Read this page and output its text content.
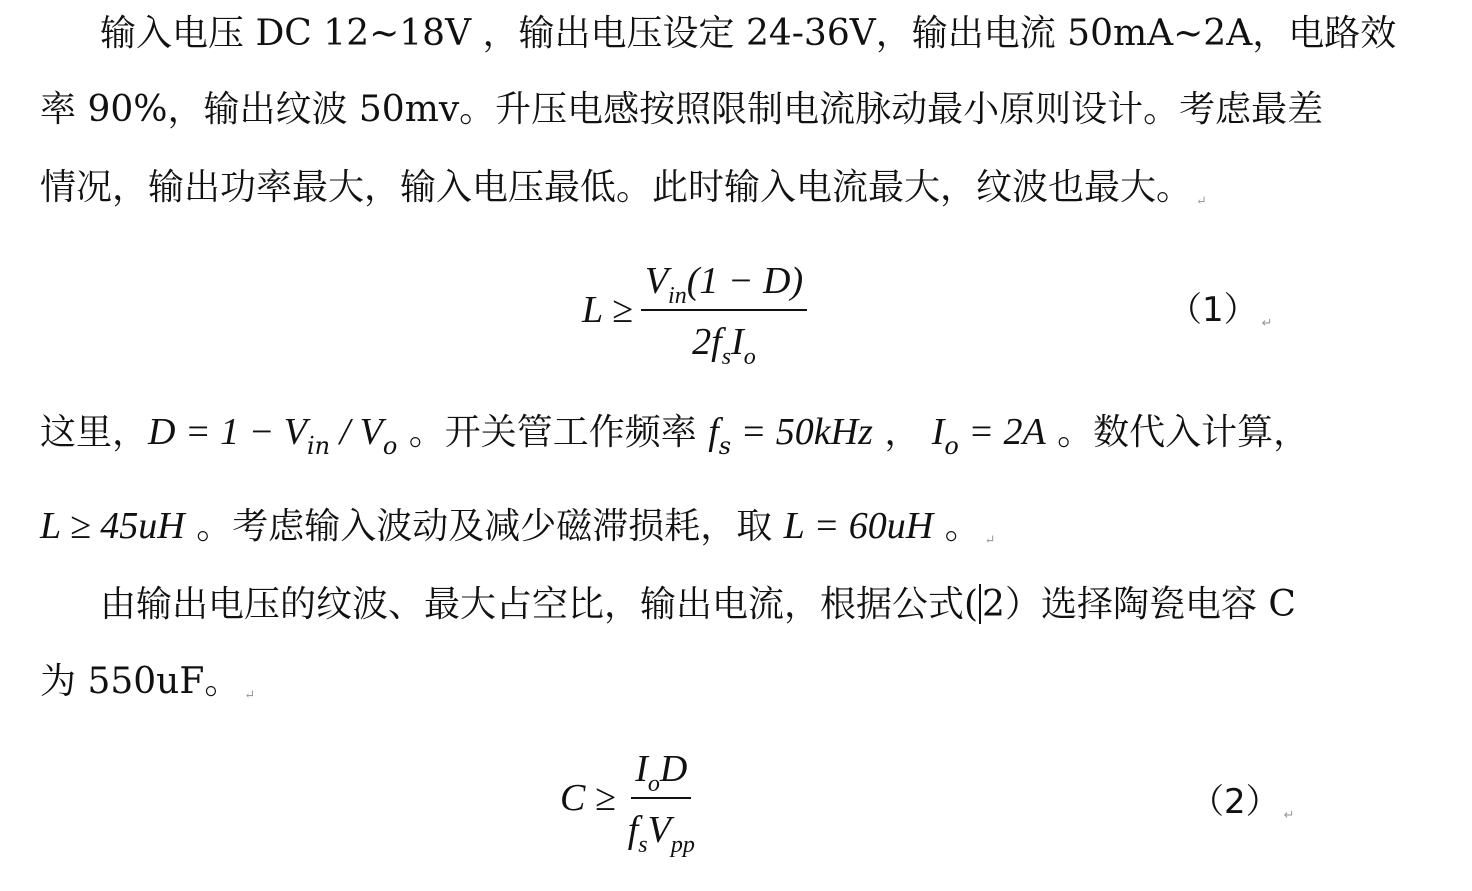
输入电压 DC 12~18V ，输出电压设定 24-36V，输出电流 50mA~2A，电路效
率 90%，输出纹波 50mv。升压电感按照限制电流脉动最小原则设计。考虑最差
情况，输出功率最大，输入电压最低。此时输入电流最大，纹波也最大。 ↵
$L \ge \frac{V_{in}(1 - D)}{2f_sI_o}$	（1） ↵
这里，$D = 1 - V_{in} / V_o$ 。开关管工作频率 $f_s = 50kHz$ ， $I_o = 2A$ 。数代入计算，
L ≥ 45uH 。考虑输入波动及减少磁滞损耗，取 L = 60uH 。 ↵
由输出电压的纹波、最大占空比，输出电流，根据公式( 2）选择陶瓷电容 C
为 550uF。 ↵
$C \ge \frac{I_oD}{f_sV_{pp}}$	（2） ↵
